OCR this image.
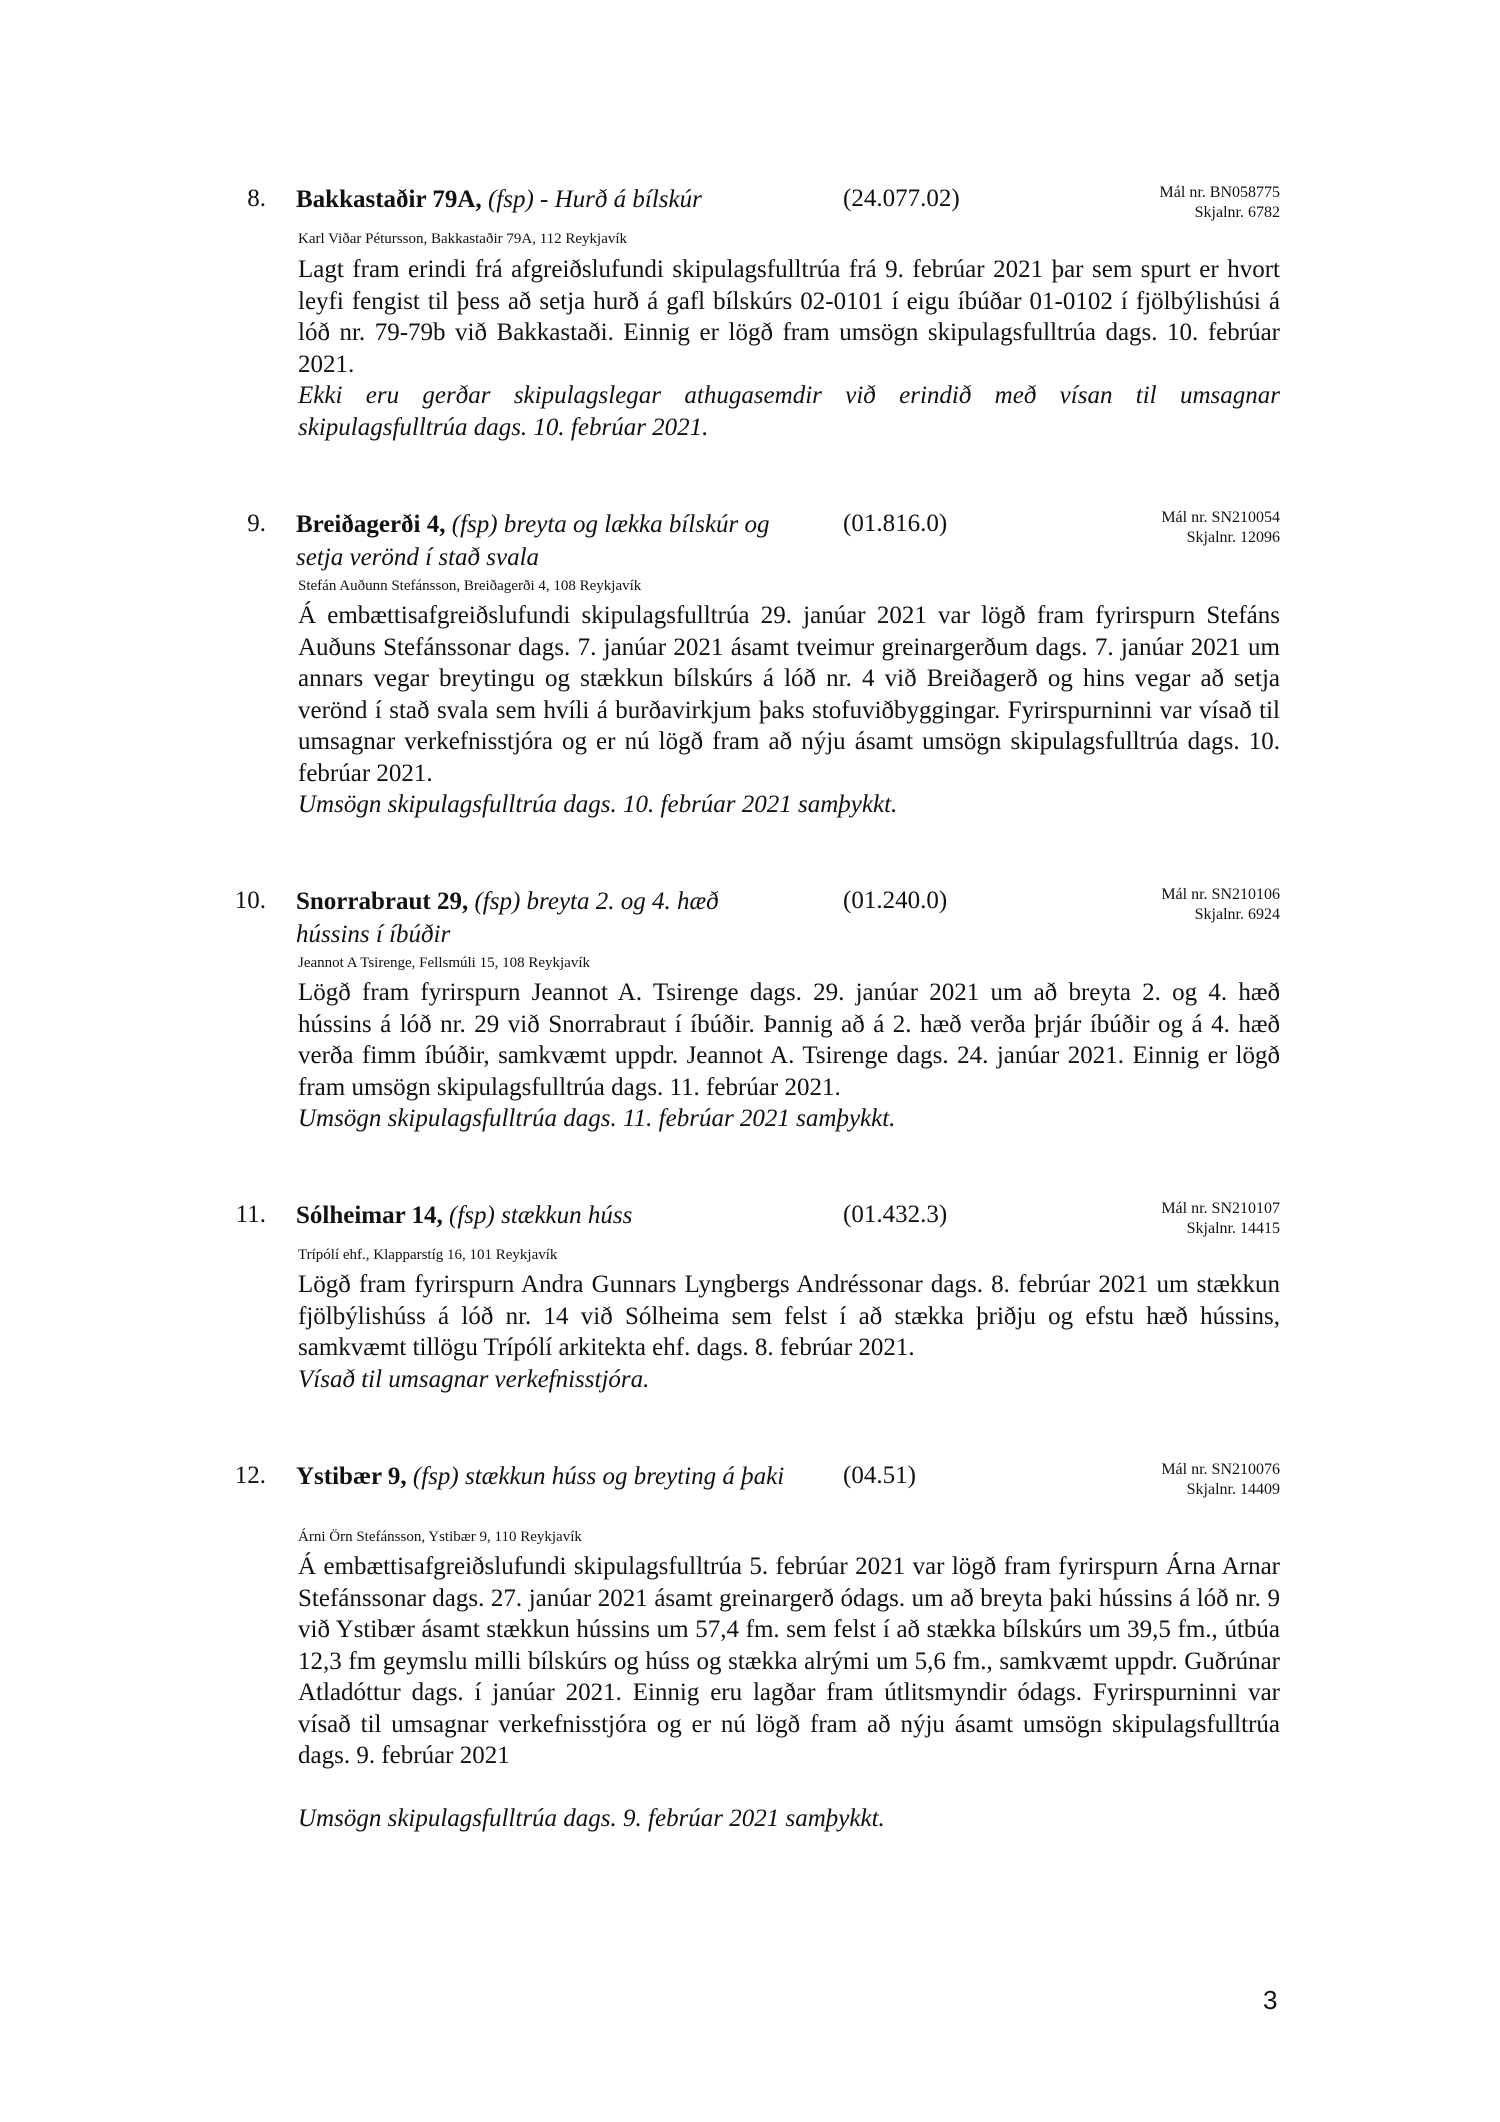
8. Bakkastaðir 79A, (fsp) - Hurð á bílskúr	(24.077.02)	Mál nr. BN058775
Skjalnr. 6782
Karl Viðar Pétursson, Bakkastaðir 79A, 112 Reykjavík

Lagt fram erindi frá afgreiðslufundi skipulagsfulltrúa frá 9. febrúar 2021 þar sem spurt er hvort leyfi fengist til þess að setja hurð á gafl bílskúrs 02-0101 í eigu íbúðar 01-0102 í fjölbýlishúsi á lóð nr. 79-79b við Bakkastaði. Einnig er lögð fram umsögn skipulagsfulltrúa dags. 10. febrúar 2021.

Ekki eru gerðar skipulagslegar athugasemdir við erindið með vísan til umsagnar skipulagsfulltrúa dags. 10. febrúar 2021.

9. Breiðagerði 4, (fsp) breyta og lækka bílskúr og setja verönd í stað svala
(01.816.0)	Mál nr. SN210054
Skjalnr. 12096
Stefán Auðunn Stefánsson, Breiðagerði 4, 108 Reykjavík

Á embættisafgreiðslufundi skipulagsfulltrúa 29. janúar 2021 var lögð fram fyrirspurn Stefáns Auðuns Stefánssonar dags. 7. janúar 2021 ásamt tveimur greinargerðum dags. 7. janúar 2021 um annars vegar breytingu og stækkun bílskúrs á lóð nr. 4 við Breiðagerð og hins vegar að setja verönd í stað svala sem hvíli á burðavirkjum þaks stofuviðbyggingar. Fyrirspurninni var vísað til umsagnar verkefnisstjóra og er nú lögð fram að nýju ásamt umsögn skipulagsfulltrúa dags. 10. febrúar 2021.

Umsögn skipulagsfulltrúa dags. 10. febrúar 2021 samþykkt.

10. Snorrabraut 29, (fsp) breyta 2. og 4. hæð hússins í íbúðir
(01.240.0)	Mál nr. SN210106
Skjalnr. 6924
Jeannot A Tsirenge, Fellsmúli 15, 108 Reykjavík

Lögð fram fyrirspurn Jeannot A. Tsirenge dags. 29. janúar 2021 um að breyta 2. og 4. hæð hússins á lóð nr. 29 við Snorrabraut í íbúðir. Þannig að á 2. hæð verða þrjár íbúðir og á 4. hæð verða fimm íbúðir, samkvæmt uppdr. Jeannot A. Tsirenge dags. 24. janúar 2021. Einnig er lögð fram umsögn skipulagsfulltrúa dags. 11. febrúar 2021.

Umsögn skipulagsfulltrúa dags. 11. febrúar 2021 samþykkt.

11. Sólheimar 14, (fsp) stækkun húss	(01.432.3)	Mál nr. SN210107
Skjalnr. 14415
Trípólí ehf., Klapparstíg 16, 101 Reykjavík

Lögð fram fyrirspurn Andra Gunnars Lyngbergs Andréssonar dags. 8. febrúar 2021 um stækkun fjölbýlishúss á lóð nr. 14 við Sólheima sem felst í að stækka þriðju og efstu hæð hússins, samkvæmt tillögu Trípólí arkitekta ehf. dags. 8. febrúar 2021.

Vísað til umsagnar verkefnisstjóra.

12. Ystibær 9, (fsp) stækkun húss og breyting á þaki	(04.51)	Mál nr. SN210076
Skjalnr. 14409
Árni Örn Stefánsson, Ystibær 9, 110 Reykjavík

Á embættisafgreiðslufundi skipulagsfulltrúa 5. febrúar 2021 var lögð fram fyrirspurn Árna Arnar Stefánssonar dags. 27. janúar 2021 ásamt greinargerð ódags. um að breyta þaki hússins á lóð nr. 9 við Ystibær ásamt stækkun hússins um 57,4 fm. sem felst í að stækka bílskúrs um 39,5 fm., útbúa 12,3 fm geymslu milli bílskúrs og húss og stækka alrými um 5,6 fm., samkvæmt uppdr. Guðrúnar Atladóttur dags. í janúar 2021. Einnig eru lagðar fram útlitsmyndir ódags. Fyrirspurninni var vísað til umsagnar verkefnisstjóra og er nú lögð fram að nýju ásamt umsögn skipulagsfulltrúa dags. 9. febrúar 2021

Umsögn skipulagsfulltrúa dags. 9. febrúar 2021 samþykkt.

3
